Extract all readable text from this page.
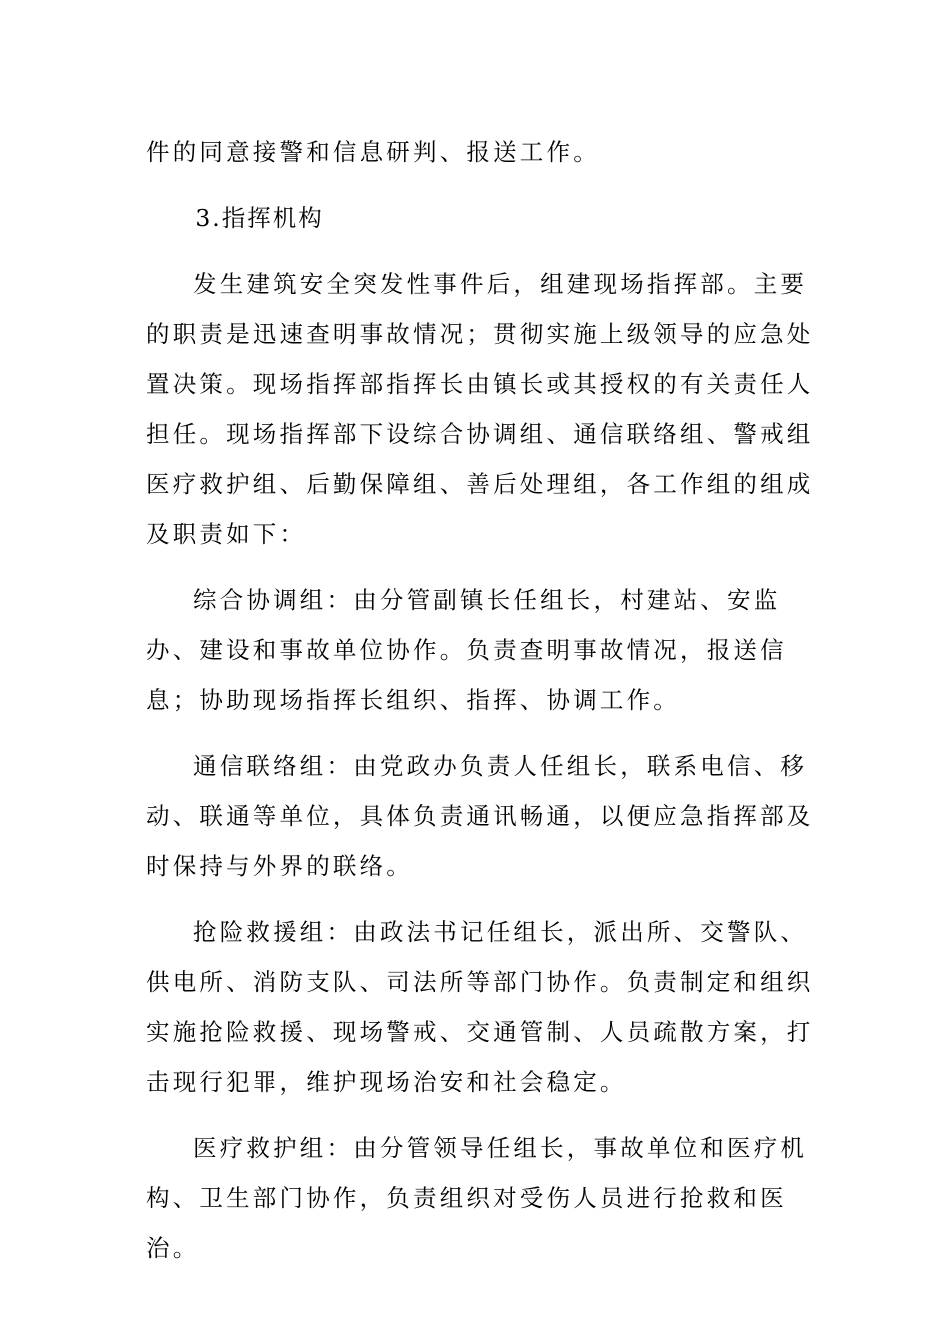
件的同意接警和信息研判、报送工作。

3.指挥机构

发生建筑安全突发性事件后，组建现场指挥部。主要的职责是迅速查明事故情况；贯彻实施上级领导的应急处置决策。现场指挥部指挥长由镇长或其授权的有关责任人担任。现场指挥部下设综合协调组、通信联络组、警戒组医疗救护组、后勤保障组、善后处理组，各工作组的组成及职责如下：

综合协调组：由分管副镇长任组长，村建站、安监办、建设和事故单位协作。负责查明事故情况，报送信息；协助现场指挥长组织、指挥、协调工作。

通信联络组：由党政办负责人任组长，联系电信、移动、联通等单位，具体负责通讯畅通，以便应急指挥部及时保持与外界的联络。

抢险救援组：由政法书记任组长，派出所、交警队、供电所、消防支队、司法所等部门协作。负责制定和组织实施抢险救援、现场警戒、交通管制、人员疏散方案，打击现行犯罪，维护现场治安和社会稳定。

医疗救护组：由分管领导任组长，事故单位和医疗机构、卫生部门协作，负责组织对受伤人员进行抢救和医治。
